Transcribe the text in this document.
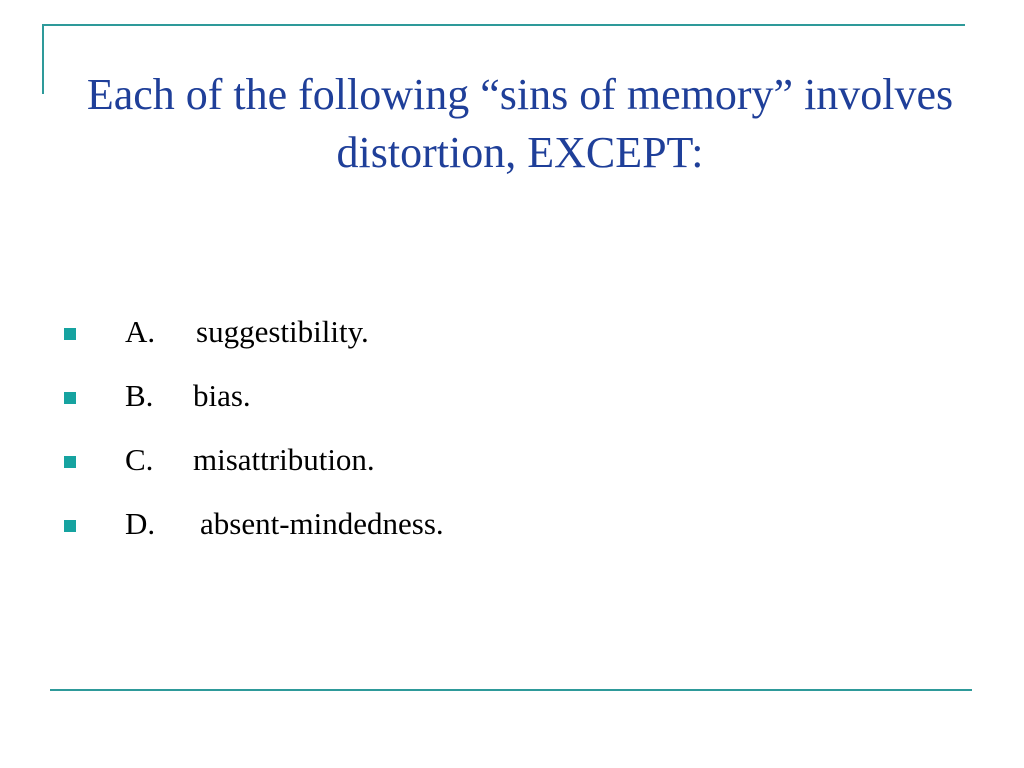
Each of the following “sins of memory” involves distortion, EXCEPT:
A. suggestibility.
B. bias.
C. misattribution.
D. absent-mindedness.
